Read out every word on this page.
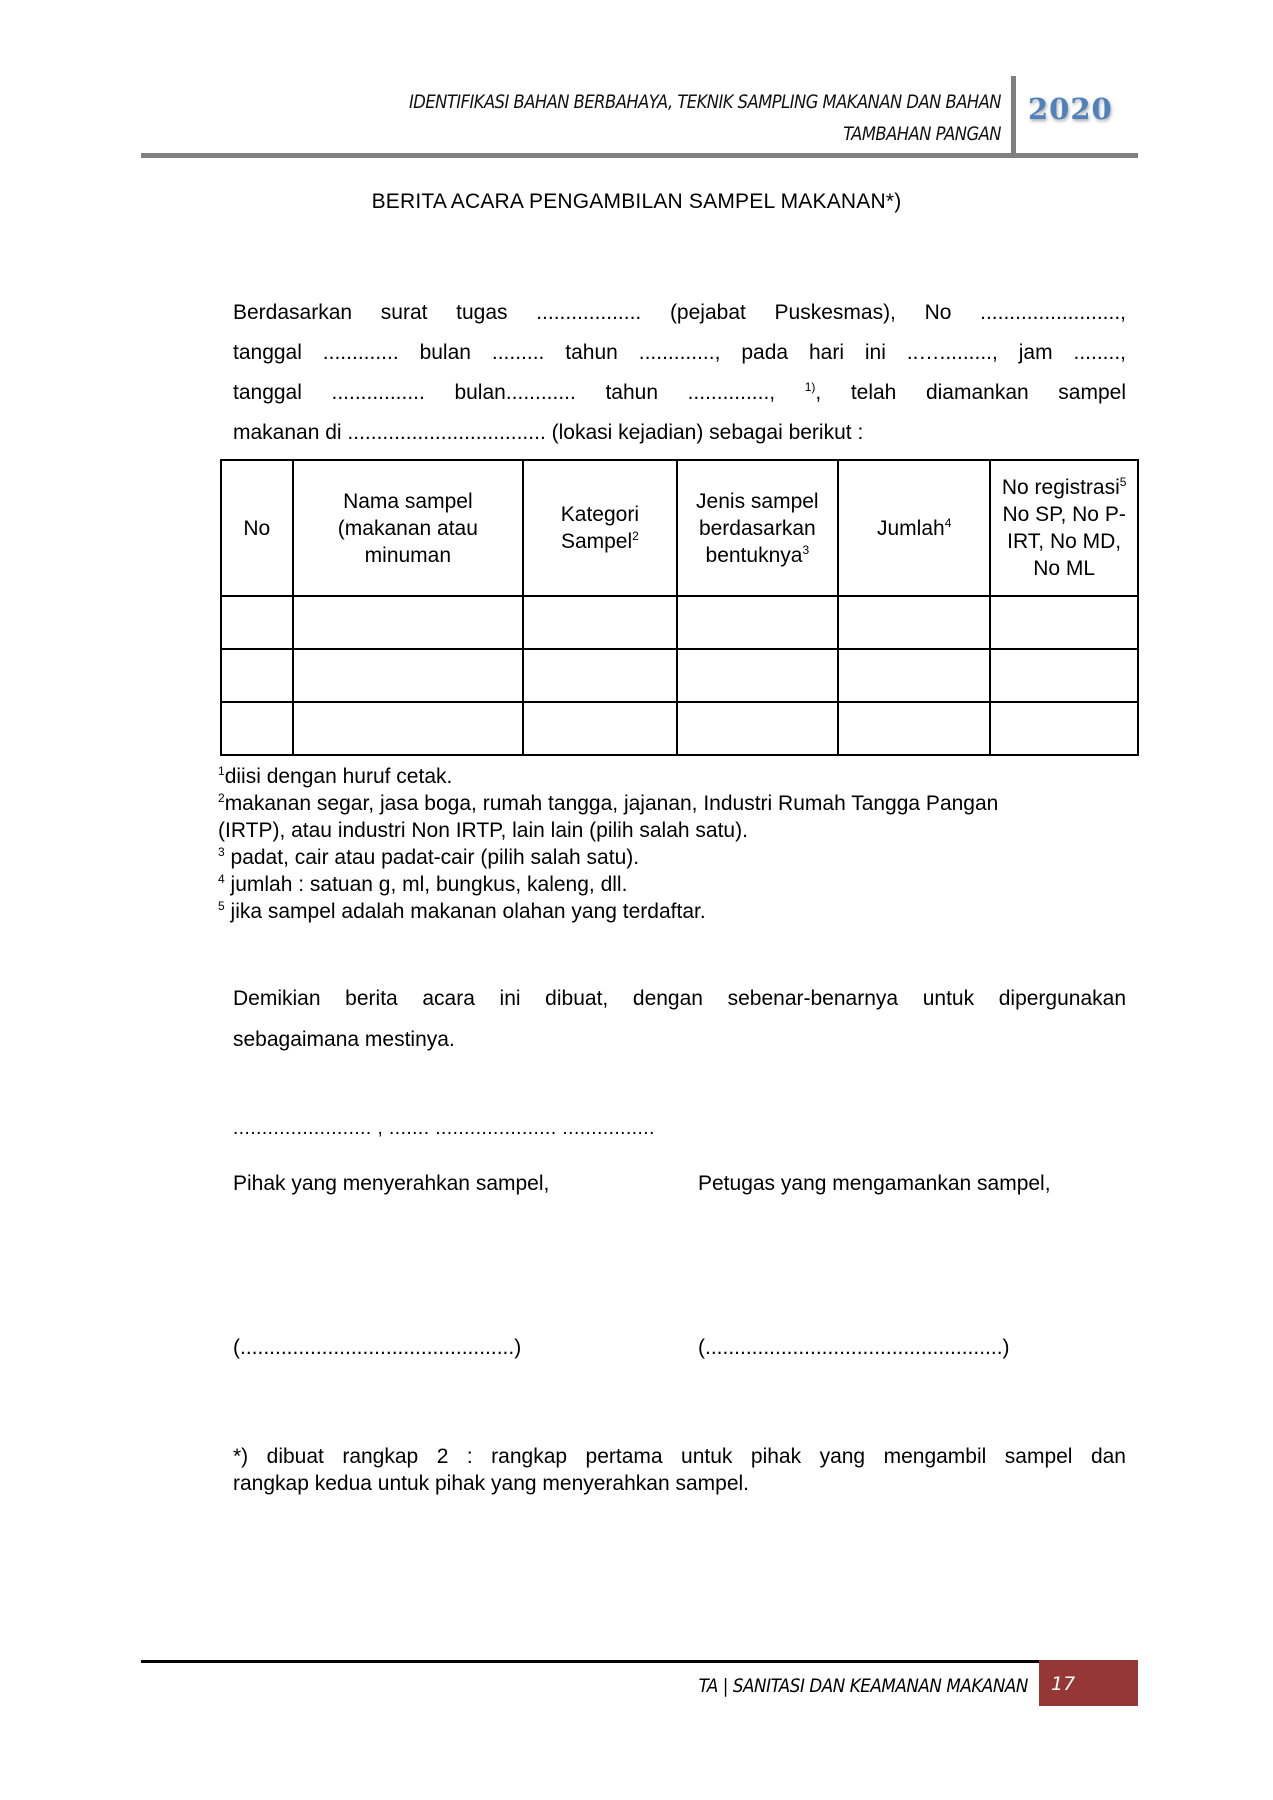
IDENTIFIKASI BAHAN BERBAHAYA, TEKNIK SAMPLING MAKANAN DAN BAHAN
TAMBAHAN PANGAN
2020
BERITA ACARA PENGAMBILAN SAMPEL MAKANAN*)
Berdasarkan surat tugas .................. (pejabat Puskesmas), No ........................,
tanggal ............. bulan ......... tahun ............., pada hari ini ..…........., jam ........,
tanggal ................ bulan............ tahun .............., $^{1)}$, telah diamankan sampel
makanan di .................................. (lokasi kejadian) sebagai berikut :
No	Nama sampel (makanan atau minuman	Kategori Sampel$^2$	Jenis sampel berdasarkan bentuknya$^3$	Jumlah$^4$	No registrasi$^5$ No SP, No P-IRT, No MD, No ML

$^1$diisi dengan huruf cetak.
$^2$makanan segar, jasa boga, rumah tangga, jajanan, Industri Rumah Tangga Pangan
(IRTP), atau industri Non IRTP, lain lain (pilih salah satu).
$^3$ padat, cair atau padat-cair (pilih salah satu).
$^4$ jumlah : satuan g, ml, bungkus, kaleng, dll.
$^5$ jika sampel adalah makanan olahan yang terdaftar.
Demikian berita acara ini dibuat, dengan sebenar-benarnya untuk dipergunakan
sebagaimana mestinya.
........................ , ....... ..................... ................
Pihak yang menyerahkan sampel,	Petugas yang mengamankan sampel,
(...............................................)	(...................................................)
*) dibuat rangkap 2 : rangkap pertama untuk pihak yang mengambil sampel dan
rangkap kedua untuk pihak yang menyerahkan sampel.
TA | SANITASI DAN KEAMANAN MAKANAN	17
